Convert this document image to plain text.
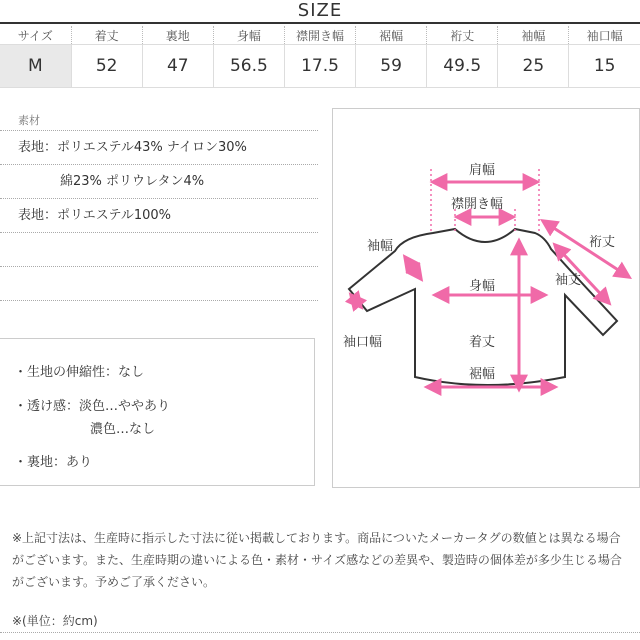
SIZE
サイズ	着丈	裏地	身幅	襟開き幅	裾幅	裄丈	袖幅	袖口幅
M	52	47	56.5	17.5	59	49.5	25	15
素材
表地：ポリエステル43% ナイロン30%
綿23% ポリウレタン4%
表地：ポリエステル100%
・生地の伸縮性：なし
・透け感：淡色…ややあり
濃色…なし
・裏地：あり
肩幅
襟開き幅
裄丈
袖幅
袖丈
身幅
袖口幅	着丈
裾幅
※上記寸法は、生産時に指示した寸法に従い掲載しております。商品についたメーカータグの数値とは異なる場合がございます。また、生産時期の違いによる色・素材・サイズ感などの差異や、製造時の個体差が多少生じる場合がございます。予めご了承ください。
※(単位：約cm)
